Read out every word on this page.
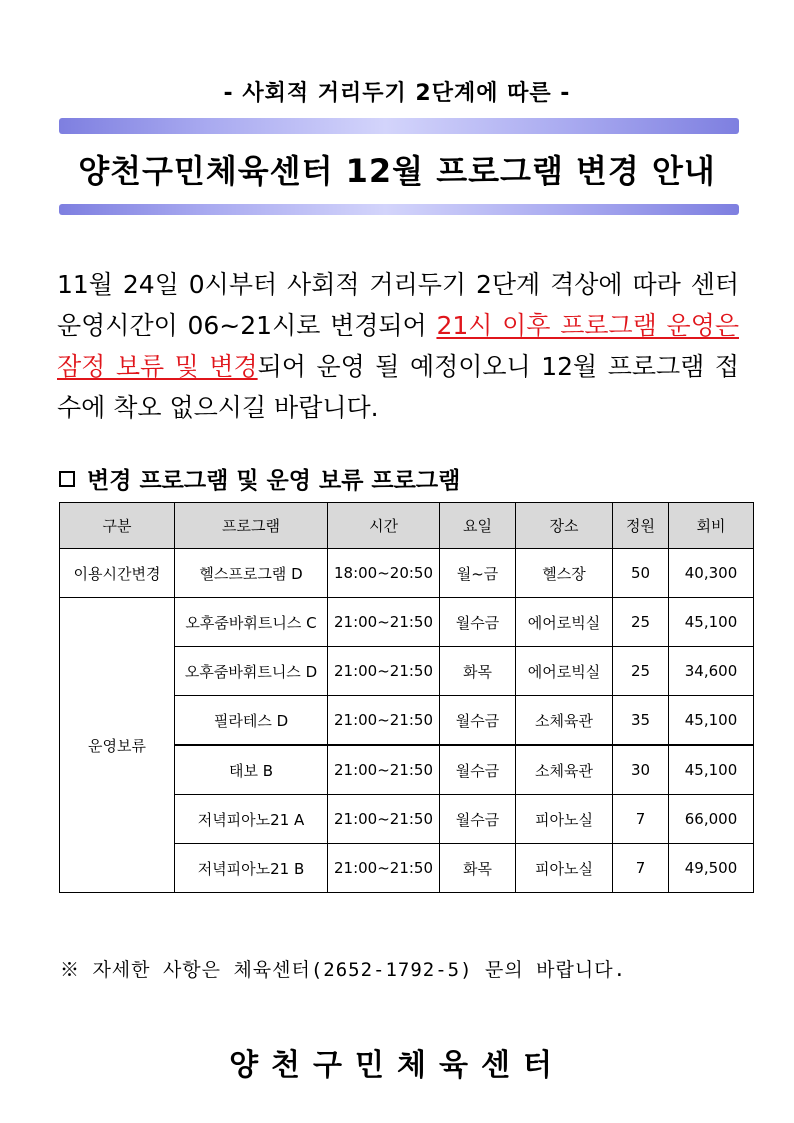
- 사회적 거리두기 2단계에 따른 -
양천구민체육센터 12월 프로그램 변경 안내

11월 24일 0시부터 사회적 거리두기 2단계 격상에 따라 센터 운영시간이 06~21시로 변경되어 21시 이후 프로그램 운영은 잠정 보류 및 변경되어 운영 될 예정이오니 12월 프로그램 접수에 착오 없으시길 바랍니다.

변경 프로그램 및 운영 보류 프로그램
구분	프로그램	시간	요일	장소	정원	회비
이용시간변경	헬스프로그램 D	18:00~20:50	월~금	헬스장	50	40,300
운영보류	오후줌바휘트니스 C	21:00~21:50	월수금	에어로빅실	25	45,100
	오후줌바휘트니스 D	21:00~21:50	화목	에어로빅실	25	34,600
	필라테스 D	21:00~21:50	월수금	소체육관	35	45,100
	태보 B	21:00~21:50	월수금	소체육관	30	45,100
	저녁피아노21 A	21:00~21:50	월수금	피아노실	7	66,000
	저녁피아노21 B	21:00~21:50	화목	피아노실	7	49,500
※ 자세한 사항은 체육센터(2652-1792-5) 문의 바랍니다.
양천구민체육센터
